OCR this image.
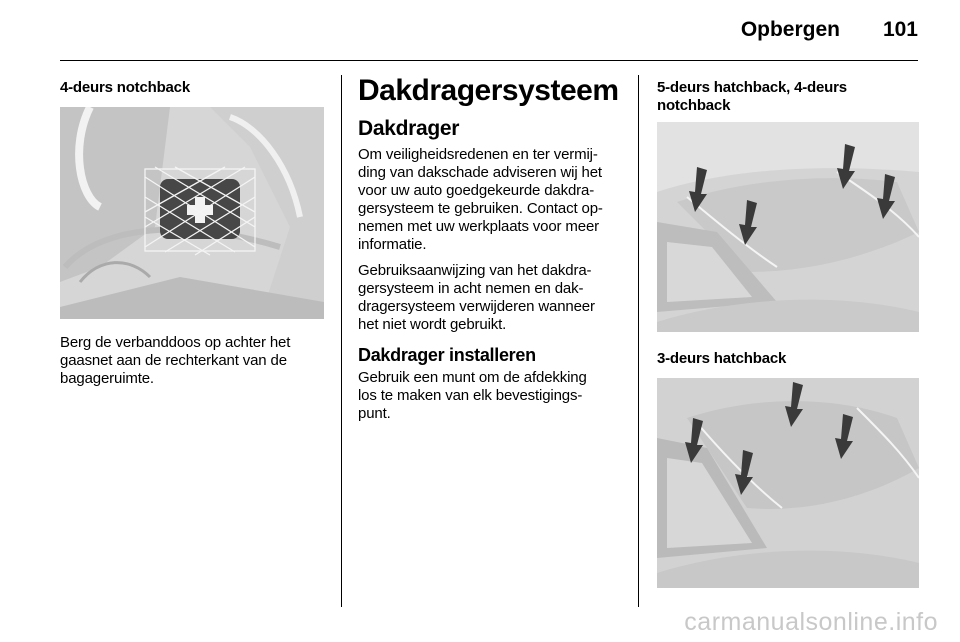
Opbergen 101
4-deurs notchback
Berg de verbanddoos op achter het
gaasnet aan de rechterkant van de
bagageruimte.
Dakdragersysteem
Dakdrager
Om veiligheidsredenen en ter vermij-
ding van dakschade adviseren wij het
voor uw auto goedgekeurde dakdra-
gersysteem te gebruiken. Contact op-
nemen met uw werkplaats voor meer
informatie.
Gebruiksaanwijzing van het dakdra-
gersysteem in acht nemen en dak-
dragersysteem verwijderen wanneer
het niet wordt gebruikt.
Dakdrager installeren
Gebruik een munt om de afdekking
los te maken van elk bevestigings-
punt.
5-deurs hatchback, 4-deurs
notchback
3-deurs hatchback
carmanualsonline.info
